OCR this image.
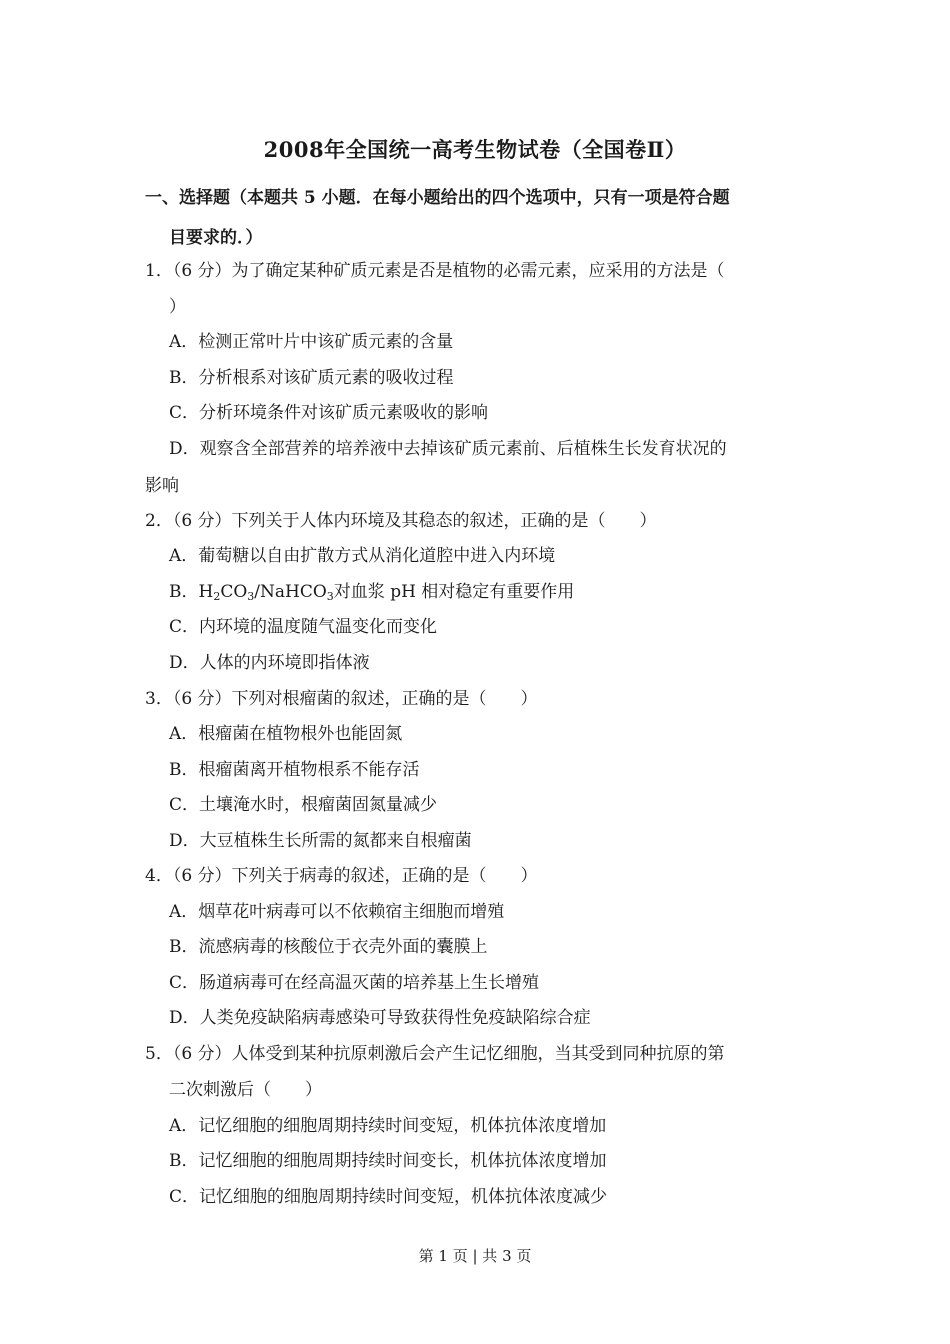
2008年全国统一高考生物试卷（全国卷Ⅱ）
一、选择题（本题共 5 小题．在每小题给出的四个选项中，只有一项是符合题
目要求的．）
1．（6 分）为了确定某种矿质元素是否是植物的必需元素，应采用的方法是（
）
A．检测正常叶片中该矿质元素的含量
B．分析根系对该矿质元素的吸收过程
C．分析环境条件对该矿质元素吸收的影响
D．观察含全部营养的培养液中去掉该矿质元素前、后植株生长发育状况的
影响
2．（6 分）下列关于人体内环境及其稳态的叙述，正确的是（　　）
A．葡萄糖以自由扩散方式从消化道腔中进入内环境
B．$H_2CO_3/NaHCO_3$对血浆 pH 相对稳定有重要作用
C．内环境的温度随气温变化而变化
D．人体的内环境即指体液
3．（6 分）下列对根瘤菌的叙述，正确的是（　　）
A．根瘤菌在植物根外也能固氮
B．根瘤菌离开植物根系不能存活
C．土壤淹水时，根瘤菌固氮量减少
D．大豆植株生长所需的氮都来自根瘤菌
4．（6 分）下列关于病毒的叙述，正确的是（　　）
A．烟草花叶病毒可以不依赖宿主细胞而增殖
B．流感病毒的核酸位于衣壳外面的囊膜上
C．肠道病毒可在经高温灭菌的培养基上生长增殖
D．人类免疫缺陷病毒感染可导致获得性免疫缺陷综合症
5．（6 分）人体受到某种抗原刺激后会产生记忆细胞，当其受到同种抗原的第
二次刺激后（　　）
A．记忆细胞的细胞周期持续时间变短，机体抗体浓度增加
B．记忆细胞的细胞周期持续时间变长，机体抗体浓度增加
C．记忆细胞的细胞周期持续时间变短，机体抗体浓度减少
第 1 页 | 共 3 页
